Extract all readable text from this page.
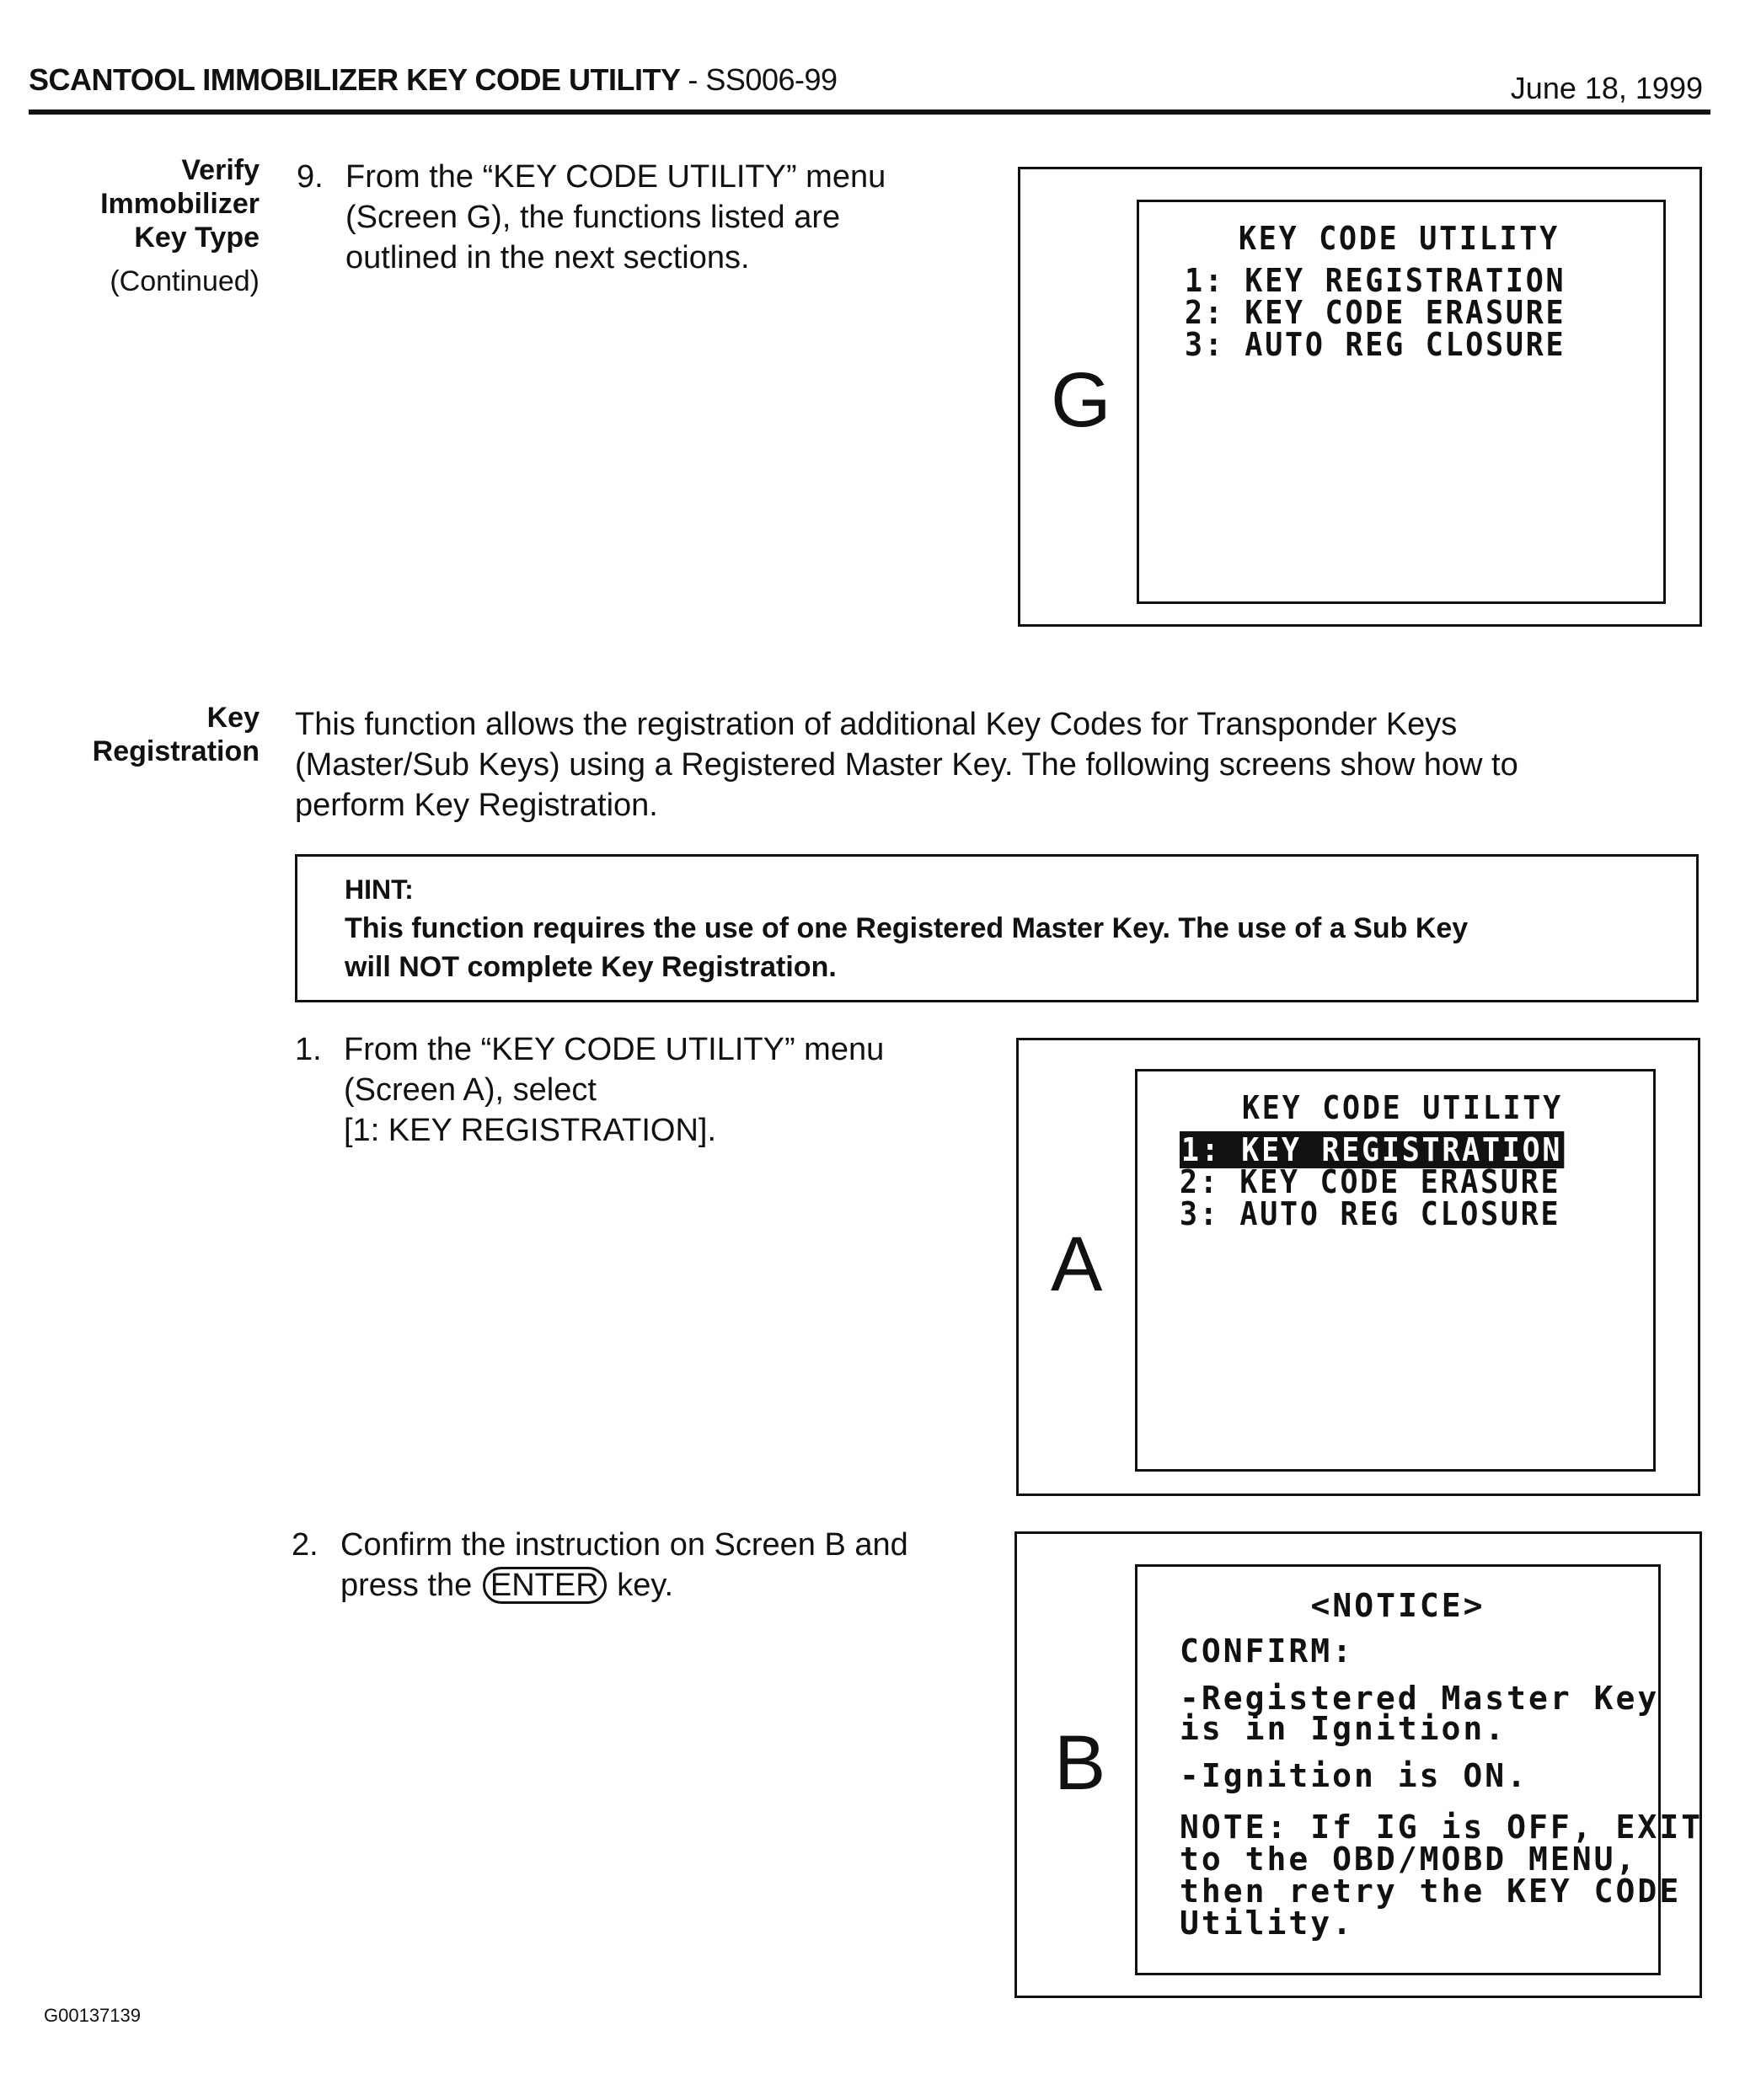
SCANTOOL IMMOBILIZER KEY CODE UTILITY - SS006-99	June 18, 1999
Verify
Immobilizer
Key Type
(Continued)
9. From the “KEY CODE UTILITY” menu
(Screen G), the functions listed are
outlined in the next sections.
G
KEY CODE UTILITY
1: KEY REGISTRATION
2: KEY CODE ERASURE
3: AUTO REG CLOSURE
Key
Registration
This function allows the registration of additional Key Codes for Transponder Keys
(Master/Sub Keys) using a Registered Master Key. The following screens show how to
perform Key Registration.
HINT:
This function requires the use of one Registered Master Key. The use of a Sub Key
will NOT complete Key Registration.
1. From the “KEY CODE UTILITY” menu
(Screen A), select
[1: KEY REGISTRATION].
A
KEY CODE UTILITY
1: KEY REGISTRATION
2: KEY CODE ERASURE
3: AUTO REG CLOSURE
2. Confirm the instruction on Screen B and
press the ENTER key.
B
<NOTICE>
CONFIRM:
-Registered Master Key
is in Ignition.
-Ignition is ON.
NOTE: If IG is OFF, EXIT
to the OBD/MOBD MENU,
then retry the KEY CODE
Utility.
G00137139
